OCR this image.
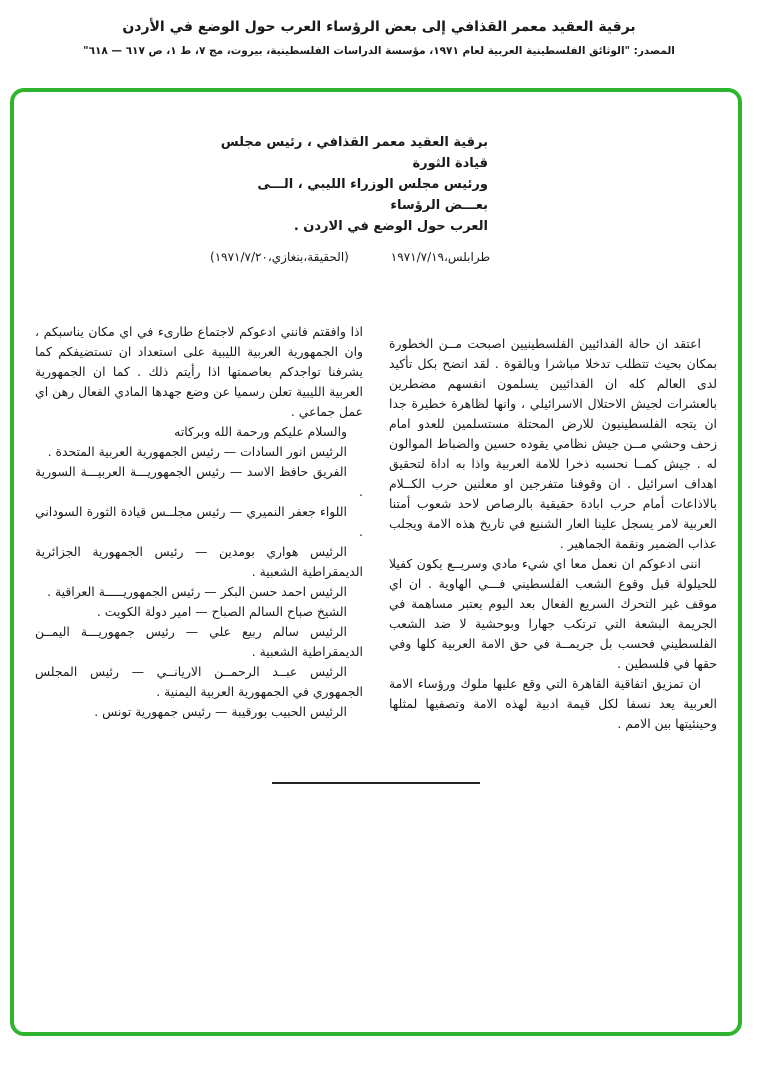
برقية العقيد معمر القذافي إلى بعض الرؤساء العرب حول الوضع في الأردن
المصدر: "الوثائق الفلسطينية العربية لعام ١٩٧١، مؤسسة الدراسات الفلسطينية، بيروت، مج ٧، ط ١، ص ٦١٧ — ٦١٨"
برقية العقيد معمر القذافي ، رئيس مجلس قيادة الثورة
ورئيس مجلس الوزراء الليبي ، الـــى بعـــض الرؤساء
العرب حول الوضع في الاردن .
طرابلس،١٩٧١/٧/١٩
(الحقيقة،بنغازي،١٩٧١/٧/٢٠)

اعتقد ان حالة الفدائيين الفلسطينيين اصبحت مــن الخطورة بمكان بحيث تتطلب تدخلا مباشرا وبالقوة . لقد اتضح بكل تأكيد لدى العالم كله ان الفدائيين يسلمون انفسهم مضطرين بالعشرات لجيش الاحتلال الاسرائيلي ، وانها لظاهرة خطيرة جدا ان يتجه الفلسطينيون للارض المحتلة مستسلمين للعدو امام زحف وحشي مــن جيش نظامي يقوده حسين والضباط الموالون له . جيش كمــا نحسبه ذخرا للامة العربية واذا به اداة لتحقيق اهداف اسرائيل . ان وقوفنا متفرجين او معلنين حرب الكــلام بالاذاعات أمام حرب ابادة حقيقية بالرصاص لاحد شعوب أمتنا العربية لامر يسجل علينا العار الشنيع في تاريخ هذه الامة ويجلب عذاب الضمير ونقمة الجماهير .

اننى ادعوكم ان نعمل معا اي شيء مادي وسريــع يكون كفيلا للحيلولة قبل وقوع الشعب الفلسطيني فـــي الهاوية . ان اي موقف غير التحرك السريع الفعال بعد اليوم يعتبر مساهمة في الجريمة البشعة التي ترتكب جهارا وبوحشية لا ضد الشعب الفلسطيني فحسب بل جريمــة في حق الامة العربية كلها وفي حقها في فلسطين .

ان تمزيق اتفاقية القاهرة التي وقع عليها ملوك ورؤساء الامة العربية يعد نسفا لكل قيمة ادبية لهذه الامة وتصفيها لمثلها وحينئيتها بين الامم .

اذا وافقتم فانني ادعوكم لاجتماع طارىء في اي مكان يناسبكم ، وان الجمهورية العربية الليبية على استعداد ان تستضيفكم كما يشرفنا تواجدكم بعاصمتها اذا رأيتم ذلك . كما ان الجمهورية العربية الليبية تعلن رسميا عن وضع جهدها المادي الفعال رهن اي عمل جماعي .

والسلام عليكم ورحمة الله وبركاته

الرئيس انور السادات — رئيس الجمهورية العربية المتحدة .

الفريق حافظ الاسد — رئيس الجمهوريـــة العربيـــة السورية .

اللواء جعفر النميري — رئيس مجلــس قيادة الثورة السوداني .

الرئيس هواري بومدين — رئيس الجمهورية الجزائرية الديمقراطية الشعبية .

الرئيس احمد حسن البكر — رئيس الجمهوريـــــة العراقية .

الشيخ صباح السالم الصباح — امير دولة الكويت .

الرئيس سالم ربيع علي — رئيس جمهوريـــة اليمــن الديمقراطية الشعبية .

الرئيس عبــد الرحمــن الاريانــي — رئيس المجلس الجمهوري في الجمهورية العربية اليمنية .

الرئيس الحبيب بورقيبة — رئيس جمهورية تونس .
